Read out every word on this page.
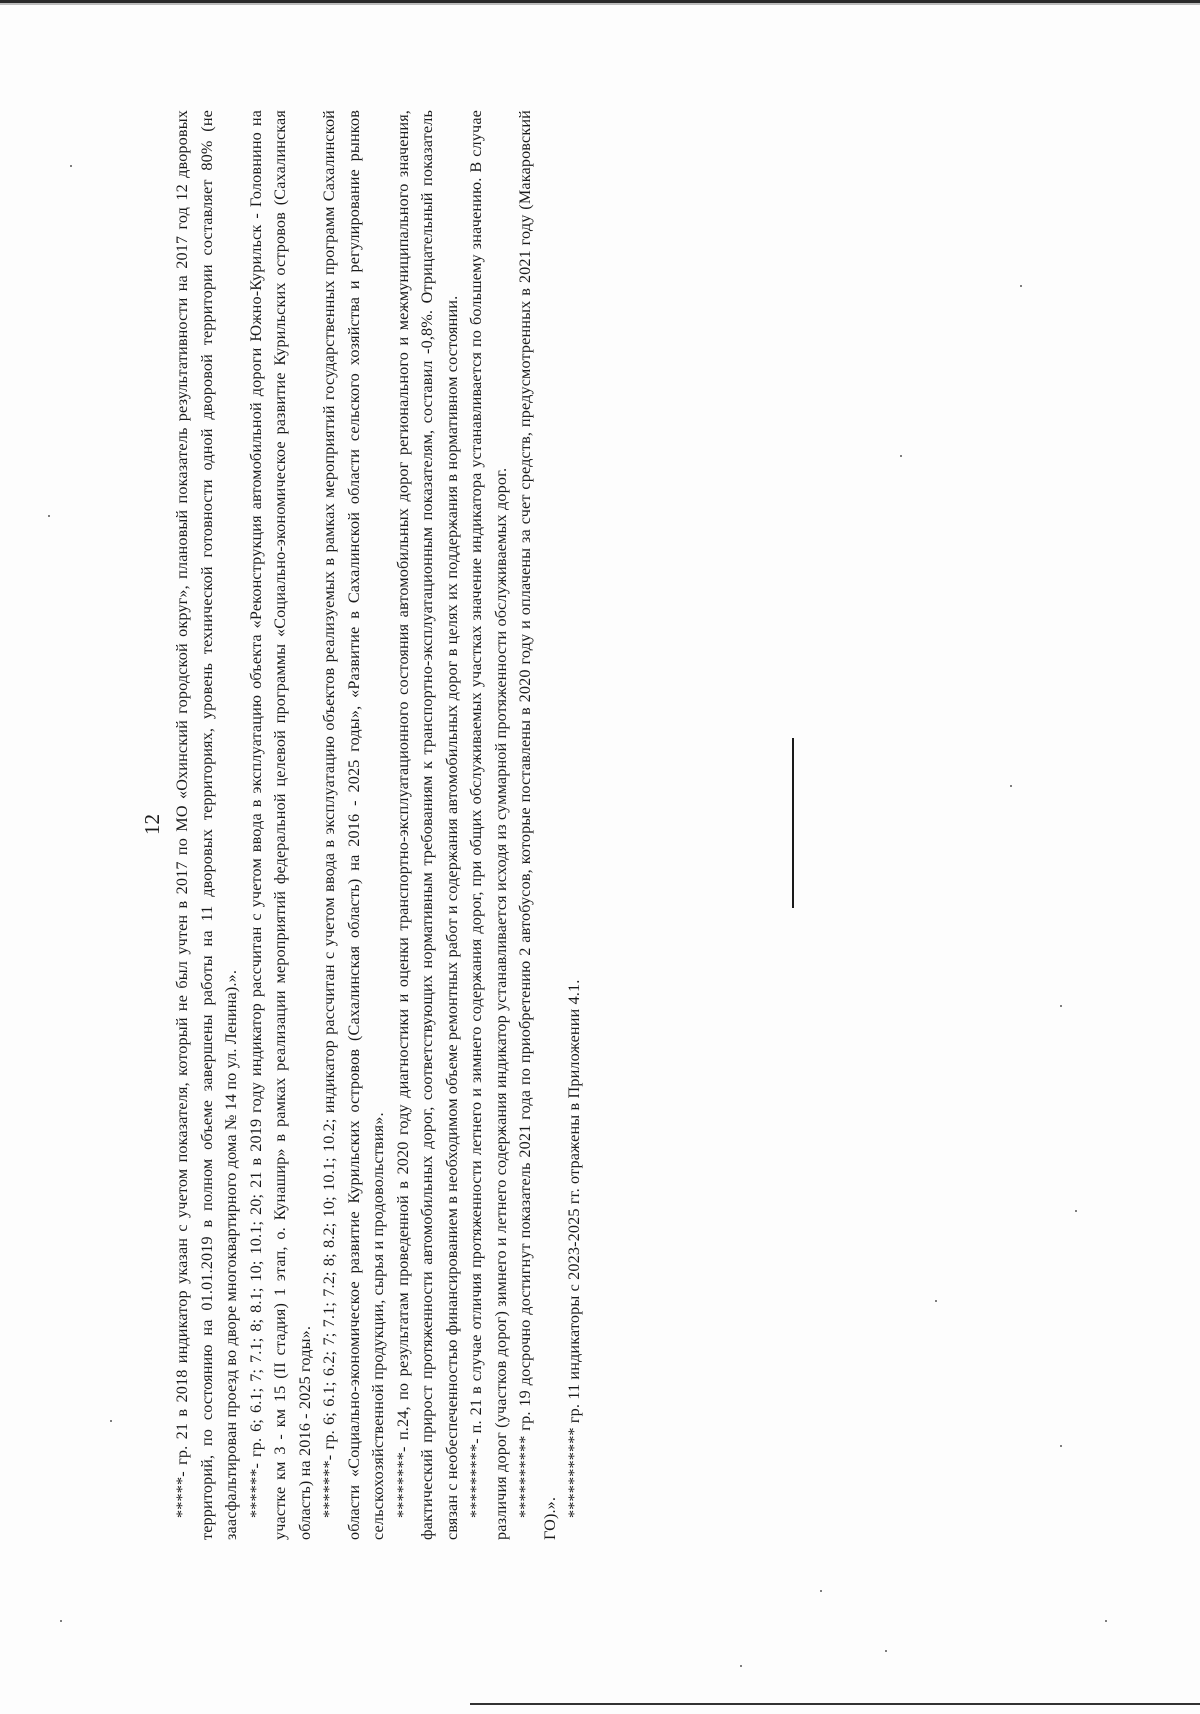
12

*****- гр. 21 в 2018 индикатор указан с учетом показателя, который не был учтен в 2017 по МО «Охинский городской округ», плановый показатель результативности на 2017 год 12 дворовых территорий, по состоянию на 01.01.2019 в полном объеме завершены работы на 11 дворовых территориях, уровень технической готовности одной дворовой территории составляет 80% (не заасфальтирован проезд во дворе многоквартирного дома № 14 по ул. Ленина).». ******- гр. 6; 6.1; 7; 7.1; 8; 8.1; 10; 10.1; 20; 21 в 2019 году индикатор рассчитан с учетом ввода в эксплуатацию объекта «Реконструкция автомобильной дороги Южно-Курильск - Головнино на участке км 3 - км 15 (II стадия) 1 этап, о. Кунашир» в рамках реализации мероприятий федеральной целевой программы «Социально-экономическое развитие Курильских островов (Сахалинская область) на 2016 - 2025 годы». *******- гр. 6; 6.1; 6.2; 7; 7.1; 7.2; 8; 8.2; 10; 10.1; 10.2; индикатор рассчитан с учетом ввода в эксплуатацию объектов реализуемых в рамках мероприятий государственных программ Сахалинской области «Социально-экономическое развитие Курильских островов (Сахалинская область) на 2016 - 2025 годы», «Развитие в Сахалинской области сельского хозяйства и регулирование рынков сельскохозяйственной продукции, сырья и продовольствия». ********- п.24, по результатам проведенной в 2020 году диагностики и оценки транспортно-эксплуатационного состояния автомобильных дорог регионального и межмуниципального значения, фактический прирост протяженности автомобильных дорог, соответствующих нормативным требованиям к транспортно-эксплуатационным показателям, составил -0,8%. Отрицательный показатель связан с необеспеченностью финансированием в необходимом объеме ремонтных работ и содержания автомобильных дорог в целях их поддержания в нормативном состоянии. *********- п. 21 в случае отличия протяженности летнего и зимнего содержания дорог, при общих обслуживаемых участках значение индикатора устанавливается по большему значению. В случае различия дорог (участков дорог) зимнего и летнего содержания индикатор устанавливается исходя из суммарной протяженности обслуживаемых дорог. ********** гр. 19 досрочно достигнут показатель 2021 года по приобретению 2 автобусов, которые поставлены в 2020 году и оплачены за счет средств, предусмотренных в 2021 году (Макаровский ГО).».

*********** гр. 11 индикаторы с 2023-2025 гг. отражены в Приложении 4.1.
